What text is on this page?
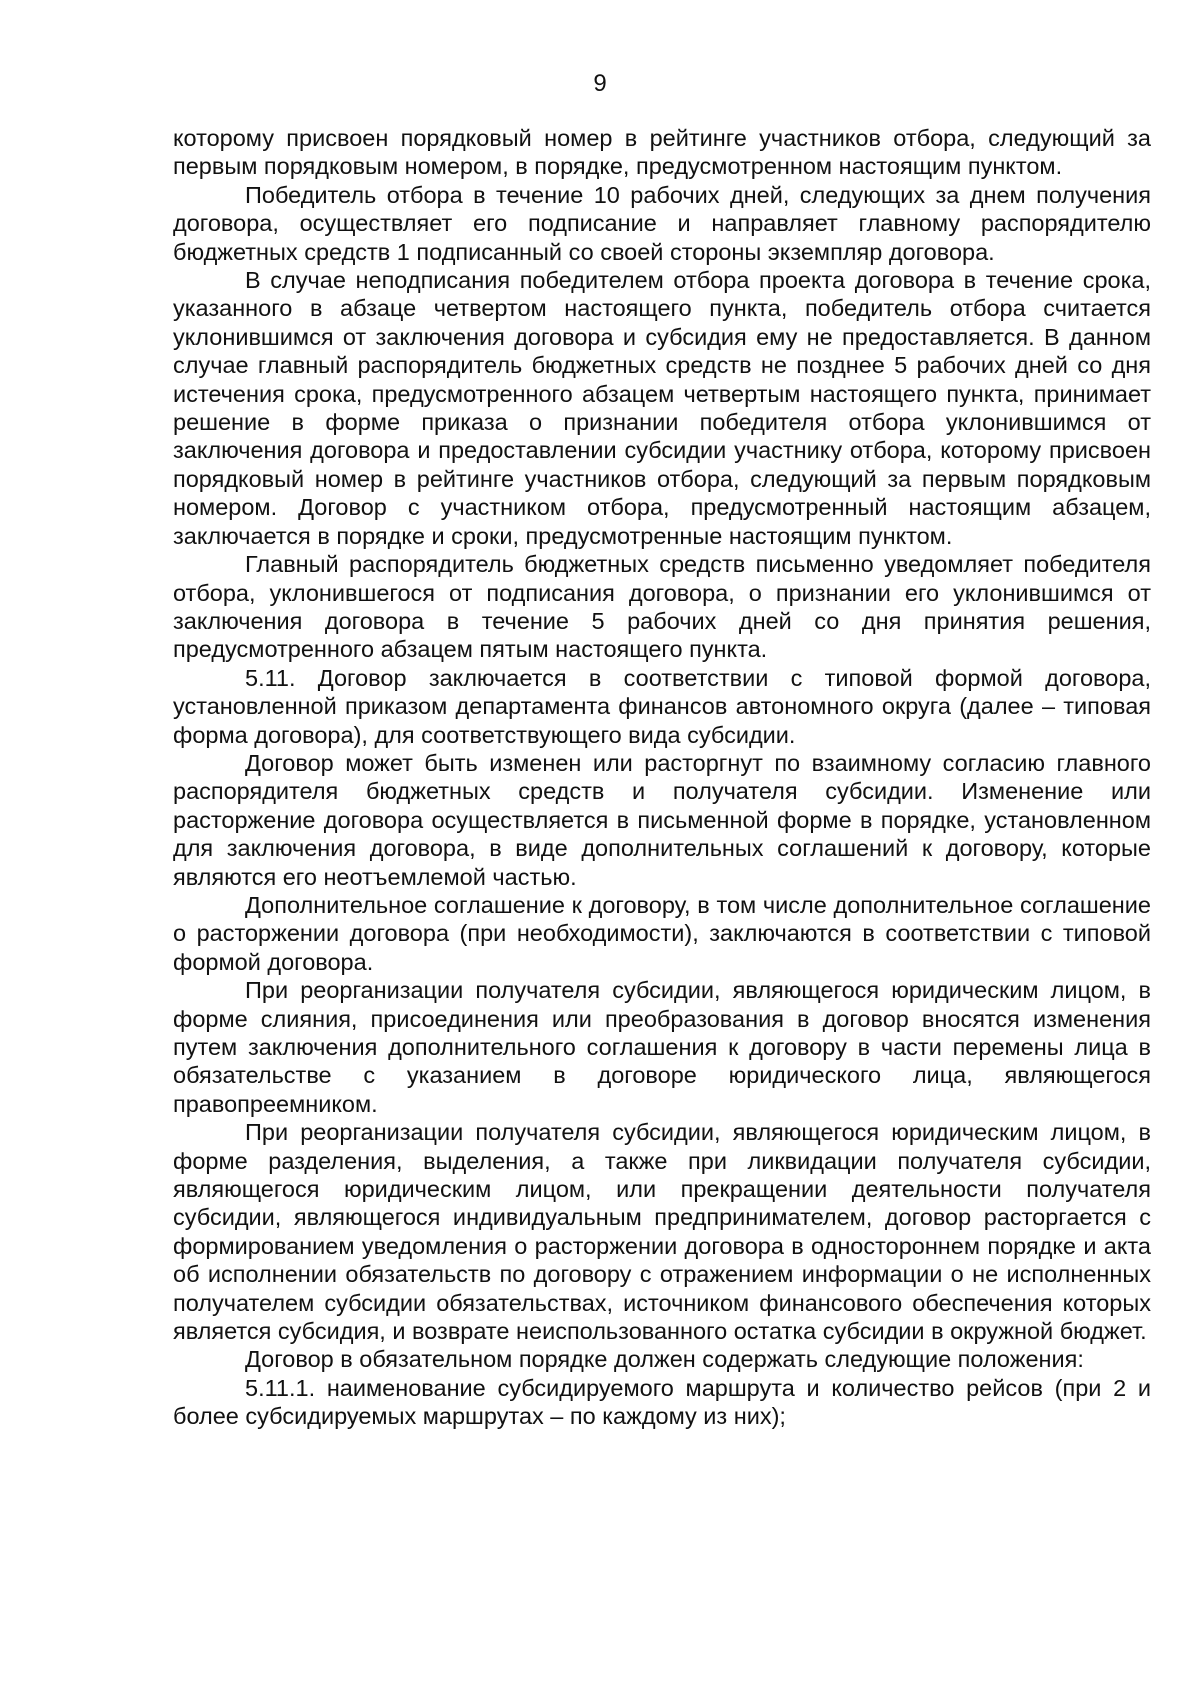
9

которому присвоен порядковый номер в рейтинге участников отбора, следующий за первым порядковым номером, в порядке, предусмотренном настоящим пунктом.

Победитель отбора в течение 10 рабочих дней, следующих за днем получения договора, осуществляет его подписание и направляет главному распорядителю бюджетных средств 1 подписанный со своей стороны экземпляр договора.

В случае неподписания победителем отбора проекта договора в течение срока, указанного в абзаце четвертом настоящего пункта, победитель отбора считается уклонившимся от заключения договора и субсидия ему не предоставляется. В данном случае главный распорядитель бюджетных средств не позднее 5 рабочих дней со дня истечения срока, предусмотренного абзацем четвертым настоящего пункта, принимает решение в форме приказа о признании победителя отбора уклонившимся от заключения договора и предоставлении субсидии участнику отбора, которому присвоен порядковый номер в рейтинге участников отбора, следующий за первым порядковым номером. Договор с участником отбора, предусмотренный настоящим абзацем, заключается в порядке и сроки, предусмотренные настоящим пунктом.

Главный распорядитель бюджетных средств письменно уведомляет победителя отбора, уклонившегося от подписания договора, о признании его уклонившимся от заключения договора в течение 5 рабочих дней со дня принятия решения, предусмотренного абзацем пятым настоящего пункта.

5.11. Договор заключается в соответствии с типовой формой договора, установленной приказом департамента финансов автономного округа (далее – типовая форма договора), для соответствующего вида субсидии.

Договор может быть изменен или расторгнут по взаимному согласию главного распорядителя бюджетных средств и получателя субсидии. Изменение или расторжение договора осуществляется в письменной форме в порядке, установленном для заключения договора, в виде дополнительных соглашений к договору, которые являются его неотъемлемой частью.

Дополнительное соглашение к договору, в том числе дополнительное соглашение о расторжении договора (при необходимости), заключаются в соответствии с типовой формой договора.

При реорганизации получателя субсидии, являющегося юридическим лицом, в форме слияния, присоединения или преобразования в договор вносятся изменения путем заключения дополнительного соглашения к договору в части перемены лица в обязательстве с указанием в договоре юридического лица, являющегося правопреемником.

При реорганизации получателя субсидии, являющегося юридическим лицом, в форме разделения, выделения, а также при ликвидации получателя субсидии, являющегося юридическим лицом, или прекращении деятельности получателя субсидии, являющегося индивидуальным предпринимателем, договор расторгается с формированием уведомления о расторжении договора в одностороннем порядке и акта об исполнении обязательств по договору с отражением информации о не исполненных получателем субсидии обязательствах, источником финансового обеспечения которых является субсидия, и возврате неиспользованного остатка субсидии в окружной бюджет.

Договор в обязательном порядке должен содержать следующие положения:

5.11.1. наименование субсидируемого маршрута и количество рейсов (при 2 и более субсидируемых маршрутах – по каждому из них);
